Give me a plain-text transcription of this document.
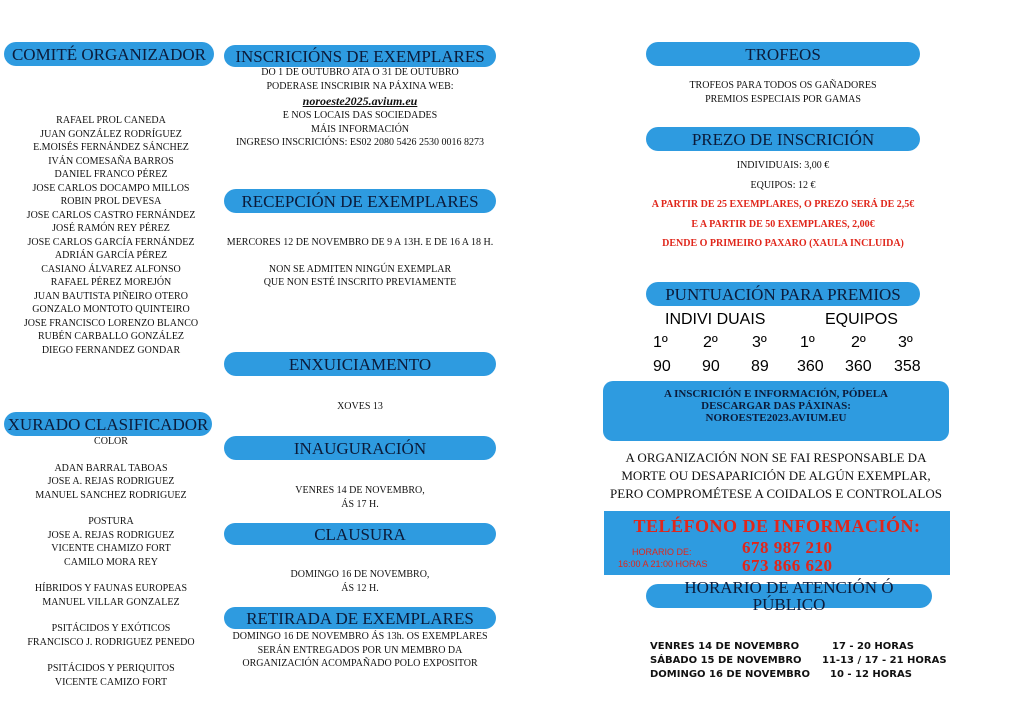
COMITÉ ORGANIZADOR
RAFAEL PROL CANEDA
JUAN GONZÁLEZ RODRÍGUEZ
E.MOISÉS FERNÁNDEZ SÁNCHEZ
IVÁN COMESAÑA BARROS
DANIEL FRANCO PÉREZ
JOSE CARLOS DOCAMPO MILLOS
ROBIN PROL DEVESA
JOSE CARLOS CASTRO FERNÁNDEZ
JOSÉ RAMÓN REY PÉREZ
JOSE CARLOS GARCÍA FERNÁNDEZ
ADRIÁN GARCÍA PÉREZ
CASIANO ÁLVAREZ ALFONSO
RAFAEL PÉREZ MOREJÓN
JUAN BAUTISTA PIÑEIRO OTERO
GONZALO MONTOTO QUINTEIRO
JOSE FRANCISCO LORENZO BLANCO
RUBÉN CARBALLO GONZÁLEZ
DIEGO FERNANDEZ GONDAR
XURADO CLASIFICADOR
COLOR
ADAN BARRAL TABOAS
JOSE A. REJAS RODRIGUEZ
MANUEL SANCHEZ RODRIGUEZ
POSTURA
JOSE A. REJAS RODRIGUEZ
VICENTE CHAMIZO FORT
CAMILO MORA REY
HÍBRIDOS Y FAUNAS EUROPEAS
MANUEL VILLAR GONZALEZ
PSITÁCIDOS Y EXÓTICOS
FRANCISCO J. RODRIGUEZ PENEDO
PSITÁCIDOS Y PERIQUITOS
VICENTE CAMIZO FORT
INSCRICIÓNS DE EXEMPLARES
DO 1 DE OUTUBRO ATA O 31 DE OUTUBRO
PODERASE INSCRIBIR NA PÁXINA WEB:
noroeste2025.avium.eu
E NOS LOCAIS DAS SOCIEDADES
MÁIS INFORMACIÓN
INGRESO INSCRICIÓNS: ES02 2080 5426 2530 0016 8273
RECEPCIÓN DE EXEMPLARES
MERCORES 12 DE NOVEMBRO DE 9 A 13H. E DE 16 A 18 H.
NON SE ADMITEN NINGÚN EXEMPLAR
QUE NON ESTÉ INSCRITO PREVIAMENTE
ENXUICIAMENTO
XOVES 13
INAUGURACIÓN
VENRES 14 DE NOVEMBRO,
ÁS 17 H.
CLAUSURA
DOMINGO 16 DE NOVEMBRO,
ÁS 12 H.
RETIRADA DE EXEMPLARES
DOMINGO 16 DE NOVEMBRO ÁS 13h. OS EXEMPLARES
SERÁN ENTREGADOS POR UN MEMBRO DA
ORGANIZACIÓN ACOMPAÑADO POLO EXPOSITOR
TROFEOS
TROFEOS PARA TODOS OS GAÑADORES
PREMIOS ESPECIAIS POR GAMAS
PREZO DE INSCRICIÓN
INDIVIDUAIS: 3,00 €
EQUIPOS: 12 €
A PARTIR DE 25 EXEMPLARES, O PREZO SERÁ DE 2,5€
E A PARTIR DE 50 EXEMPLARES, 2,00€
DENDE O PRIMEIRO PAXARO (XAULA INCLUIDA)
PUNTUACIÓN PARA PREMIOS
INDIVI DUAIS	EQUIPOS
1º 2º 3º 1º 2º 3º
90 90 89 360 360 358
A INSCRICIÓN E INFORMACIÓN, PÓDELA
DESCARGAR DAS PÁXINAS:
NOROESTE2023.AVIUM.EU
A ORGANIZACIÓN NON SE FAI RESPONSABLE DA
MORTE OU DESAPARICIÓN DE ALGÚN EXEMPLAR,
PERO COMPROMÉTESE A COIDALOS E CONTROLALOS
TELÉFONO DE INFORMACIÓN:
HORARIO DE:
16:00 A 21:00 HORAS
678 987 210
673 866 620
HORARIO DE ATENCIÓN Ó PÚBLICO
VENRES 14 DE NOVEMBRO	17 - 20 HORAS
SÁBADO 15 DE NOVEMBRO 11-13 / 17 - 21 HORAS
DOMINGO 16 DE NOVEMBRO 10 - 12 HORAS
